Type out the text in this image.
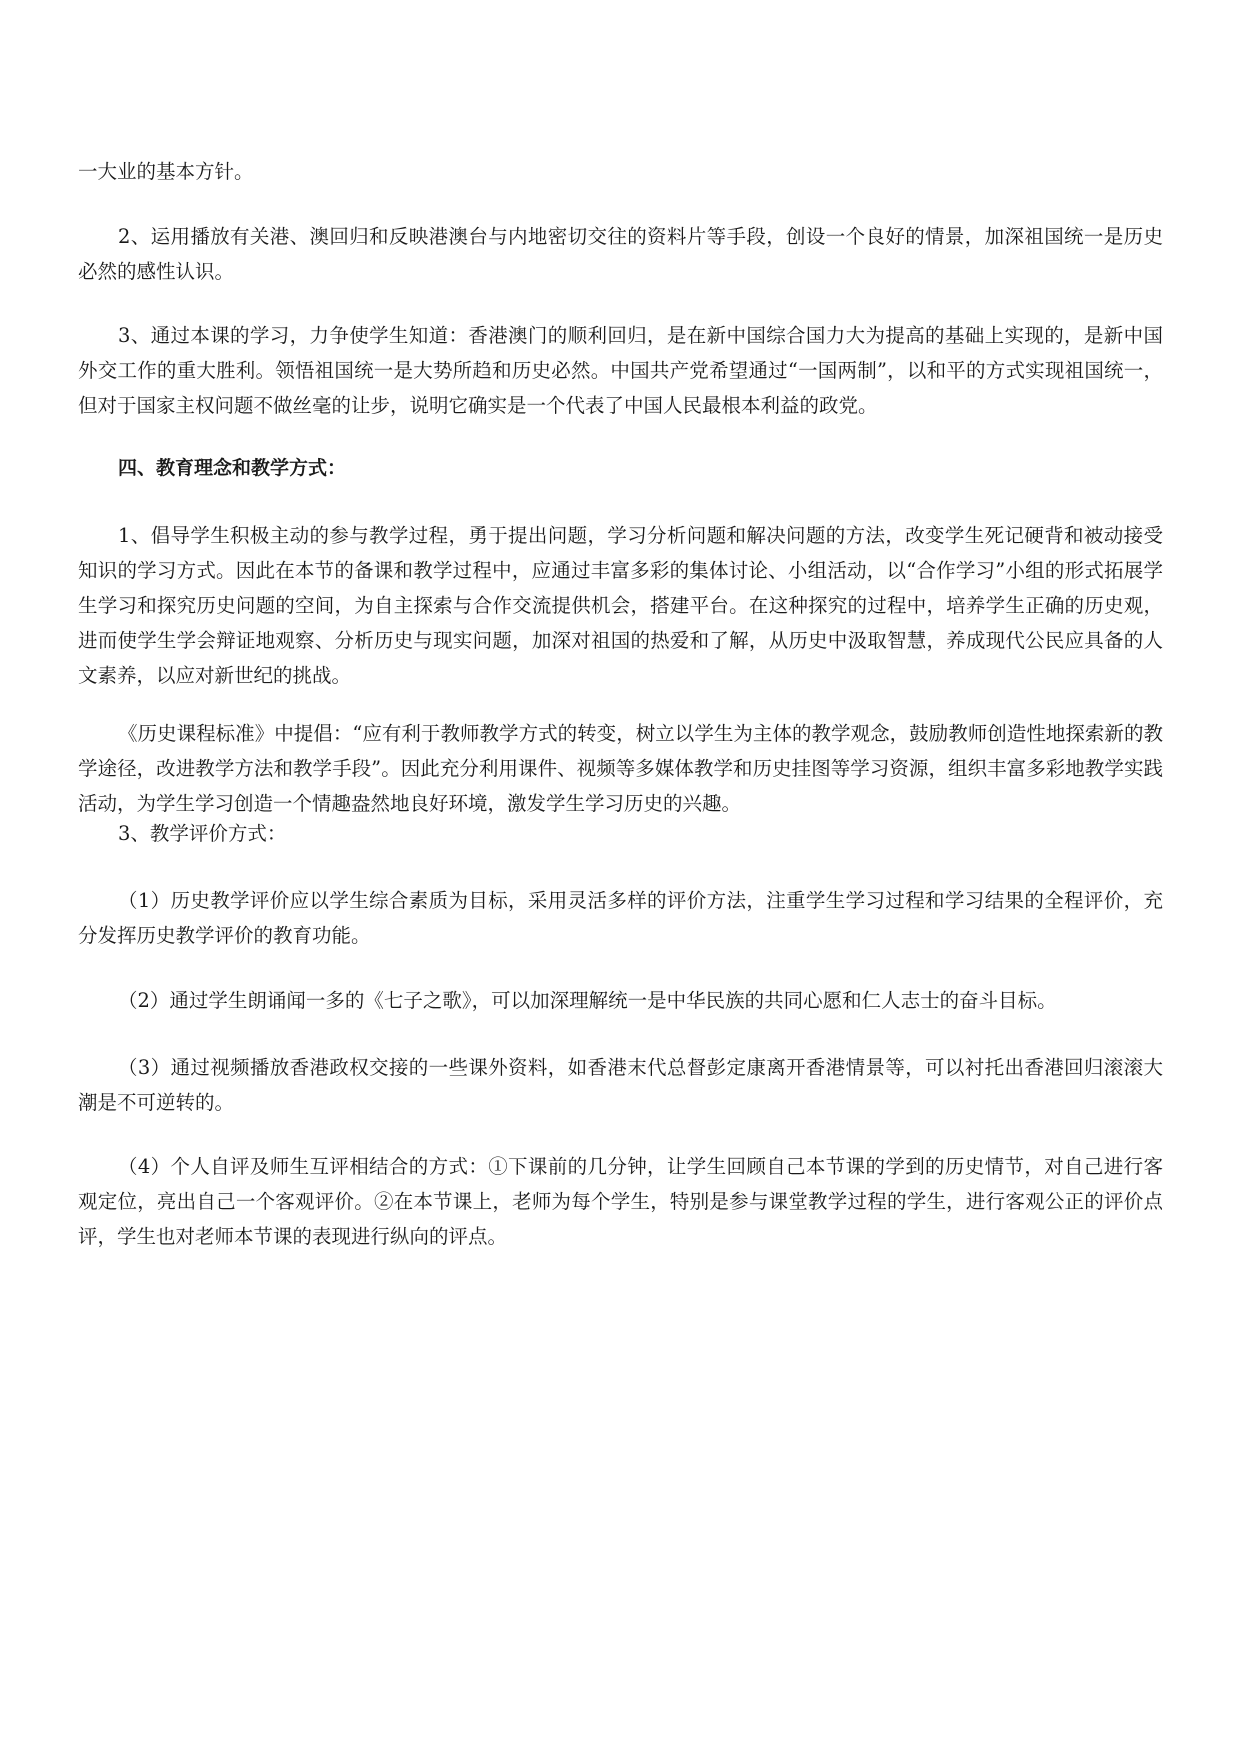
一大业的基本方针。

2、运用播放有关港、澳回归和反映港澳台与内地密切交往的资料片等手段，创设一个良好的情景，加深祖国统一是历史必然的感性认识。

3、通过本课的学习，力争使学生知道：香港澳门的顺利回归，是在新中国综合国力大为提高的基础上实现的，是新中国外交工作的重大胜利。领悟祖国统一是大势所趋和历史必然。中国共产党希望通过“一国两制”，以和平的方式实现祖国统一，但对于国家主权问题不做丝毫的让步，说明它确实是一个代表了中国人民最根本利益的政党。

四、教育理念和教学方式：

1、倡导学生积极主动的参与教学过程，勇于提出问题，学习分析问题和解决问题的方法，改变学生死记硬背和被动接受知识的学习方式。因此在本节的备课和教学过程中，应通过丰富多彩的集体讨论、小组活动，以“合作学习”小组的形式拓展学生学习和探究历史问题的空间，为自主探索与合作交流提供机会，搭建平台。在这种探究的过程中，培养学生正确的历史观，进而使学生学会辩证地观察、分析历史与现实问题，加深对祖国的热爱和了解，从历史中汲取智慧，养成现代公民应具备的人文素养，以应对新世纪的挑战。

《历史课程标准》中提倡：“应有利于教师教学方式的转变，树立以学生为主体的教学观念，鼓励教师创造性地探索新的教学途径，改进教学方法和教学手段”。因此充分利用课件、视频等多媒体教学和历史挂图等学习资源，组织丰富多彩地教学实践活动，为学生学习创造一个情趣盎然地良好环境，激发学生学习历史的兴趣。

3、教学评价方式：

（1）历史教学评价应以学生综合素质为目标，采用灵活多样的评价方法，注重学生学习过程和学习结果的全程评价，充分发挥历史教学评价的教育功能。

（2）通过学生朗诵闻一多的《七子之歌》，可以加深理解统一是中华民族的共同心愿和仁人志士的奋斗目标。

（3）通过视频播放香港政权交接的一些课外资料，如香港末代总督彭定康离开香港情景等，可以衬托出香港回归滚滚大潮是不可逆转的。

（4）个人自评及师生互评相结合的方式：①下课前的几分钟，让学生回顾自己本节课的学到的历史情节，对自己进行客观定位，亮出自己一个客观评价。②在本节课上，老师为每个学生，特别是参与课堂教学过程的学生，进行客观公正的评价点评，学生也对老师本节课的表现进行纵向的评点。
